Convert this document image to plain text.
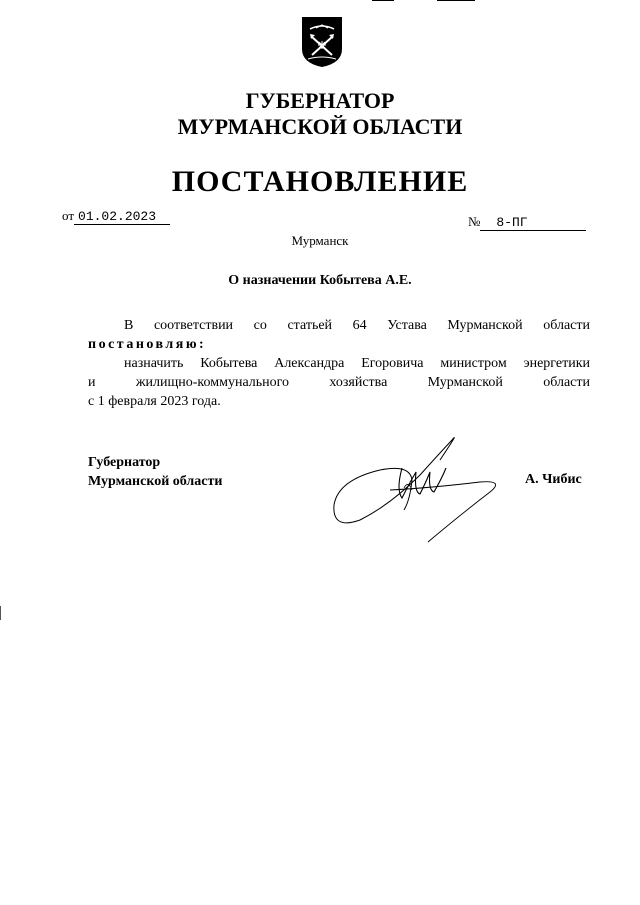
ГУБЕРНАТОР
МУРМАНСКОЙ ОБЛАСТИ
ПОСТАНОВЛЕНИЕ
от 01.02.2023	№ 8-ПГ
Мурманск
О назначении Кобытева А.Е.
В соответствии со статьей 64 Устава Мурманской области
постановляю:
назначить Кобытева Александра Егоровича министром энергетики
и жилищно-коммунального хозяйства Мурманской области
с 1 февраля 2023 года.
Губернатор
Мурманской области	А. Чибис
